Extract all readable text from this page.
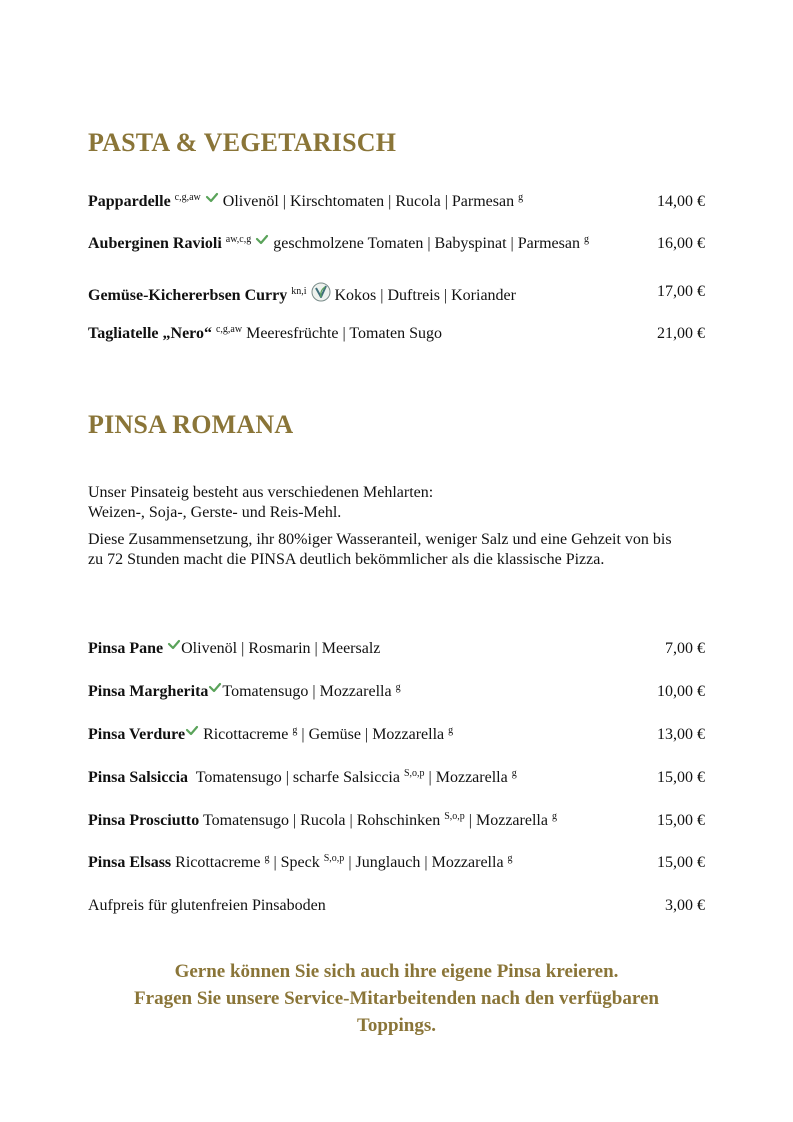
PASTA & VEGETARISCH
Pappardelle $^{c,g,aw}$ Olivenöl | Kirschtomaten | Rucola | Parmesan $^g$	14,00 €
Auberginen Ravioli $^{aw,c,g}$ geschmolzene Tomaten | Babyspinat | Parmesan $^g$	16,00 €
Gemüse-Kichererbsen Curry $^{kn,i}$ Kokos | Duftreis | Koriander	17,00 €
Tagliatelle „Nero“ $^{c,g,aw}$ Meeresfrüchte | Tomaten Sugo	21,00 €
PINSA ROMANA

Unser Pinsateig besteht aus verschiedenen Mehlarten:
Weizen-, Soja-, Gerste- und Reis-Mehl.

Diese Zusammensetzung, ihr 80%iger Wasseranteil, weniger Salz und eine Gehzeit von bis zu 72 Stunden macht die PINSA deutlich bekömmlicher als die klassische Pizza.

Pinsa Pane Olivenöl | Rosmarin | Meersalz	7,00 €
Pinsa Margherita Tomatensugo | Mozzarella $^g$	10,00 €
Pinsa Verdure Ricottacreme $^g$ | Gemüse | Mozzarella $^g$	13,00 €
Pinsa Salsiccia Tomatensugo | scharfe Salsiccia $^{S,o,p}$ | Mozzarella $^g$	15,00 €
Pinsa Prosciutto Tomatensugo | Rucola | Rohschinken $^{S,o,p}$ | Mozzarella $^g$	15,00 €
Pinsa Elsass Ricottacreme $^g$ | Speck $^{S,o,p}$ | Junglauch | Mozzarella $^g$	15,00 €
Aufpreis für glutenfreien Pinsaboden	3,00 €
Gerne können Sie sich auch ihre eigene Pinsa kreieren.
Fragen Sie unsere Service-Mitarbeitenden nach den verfügbaren
Toppings.
